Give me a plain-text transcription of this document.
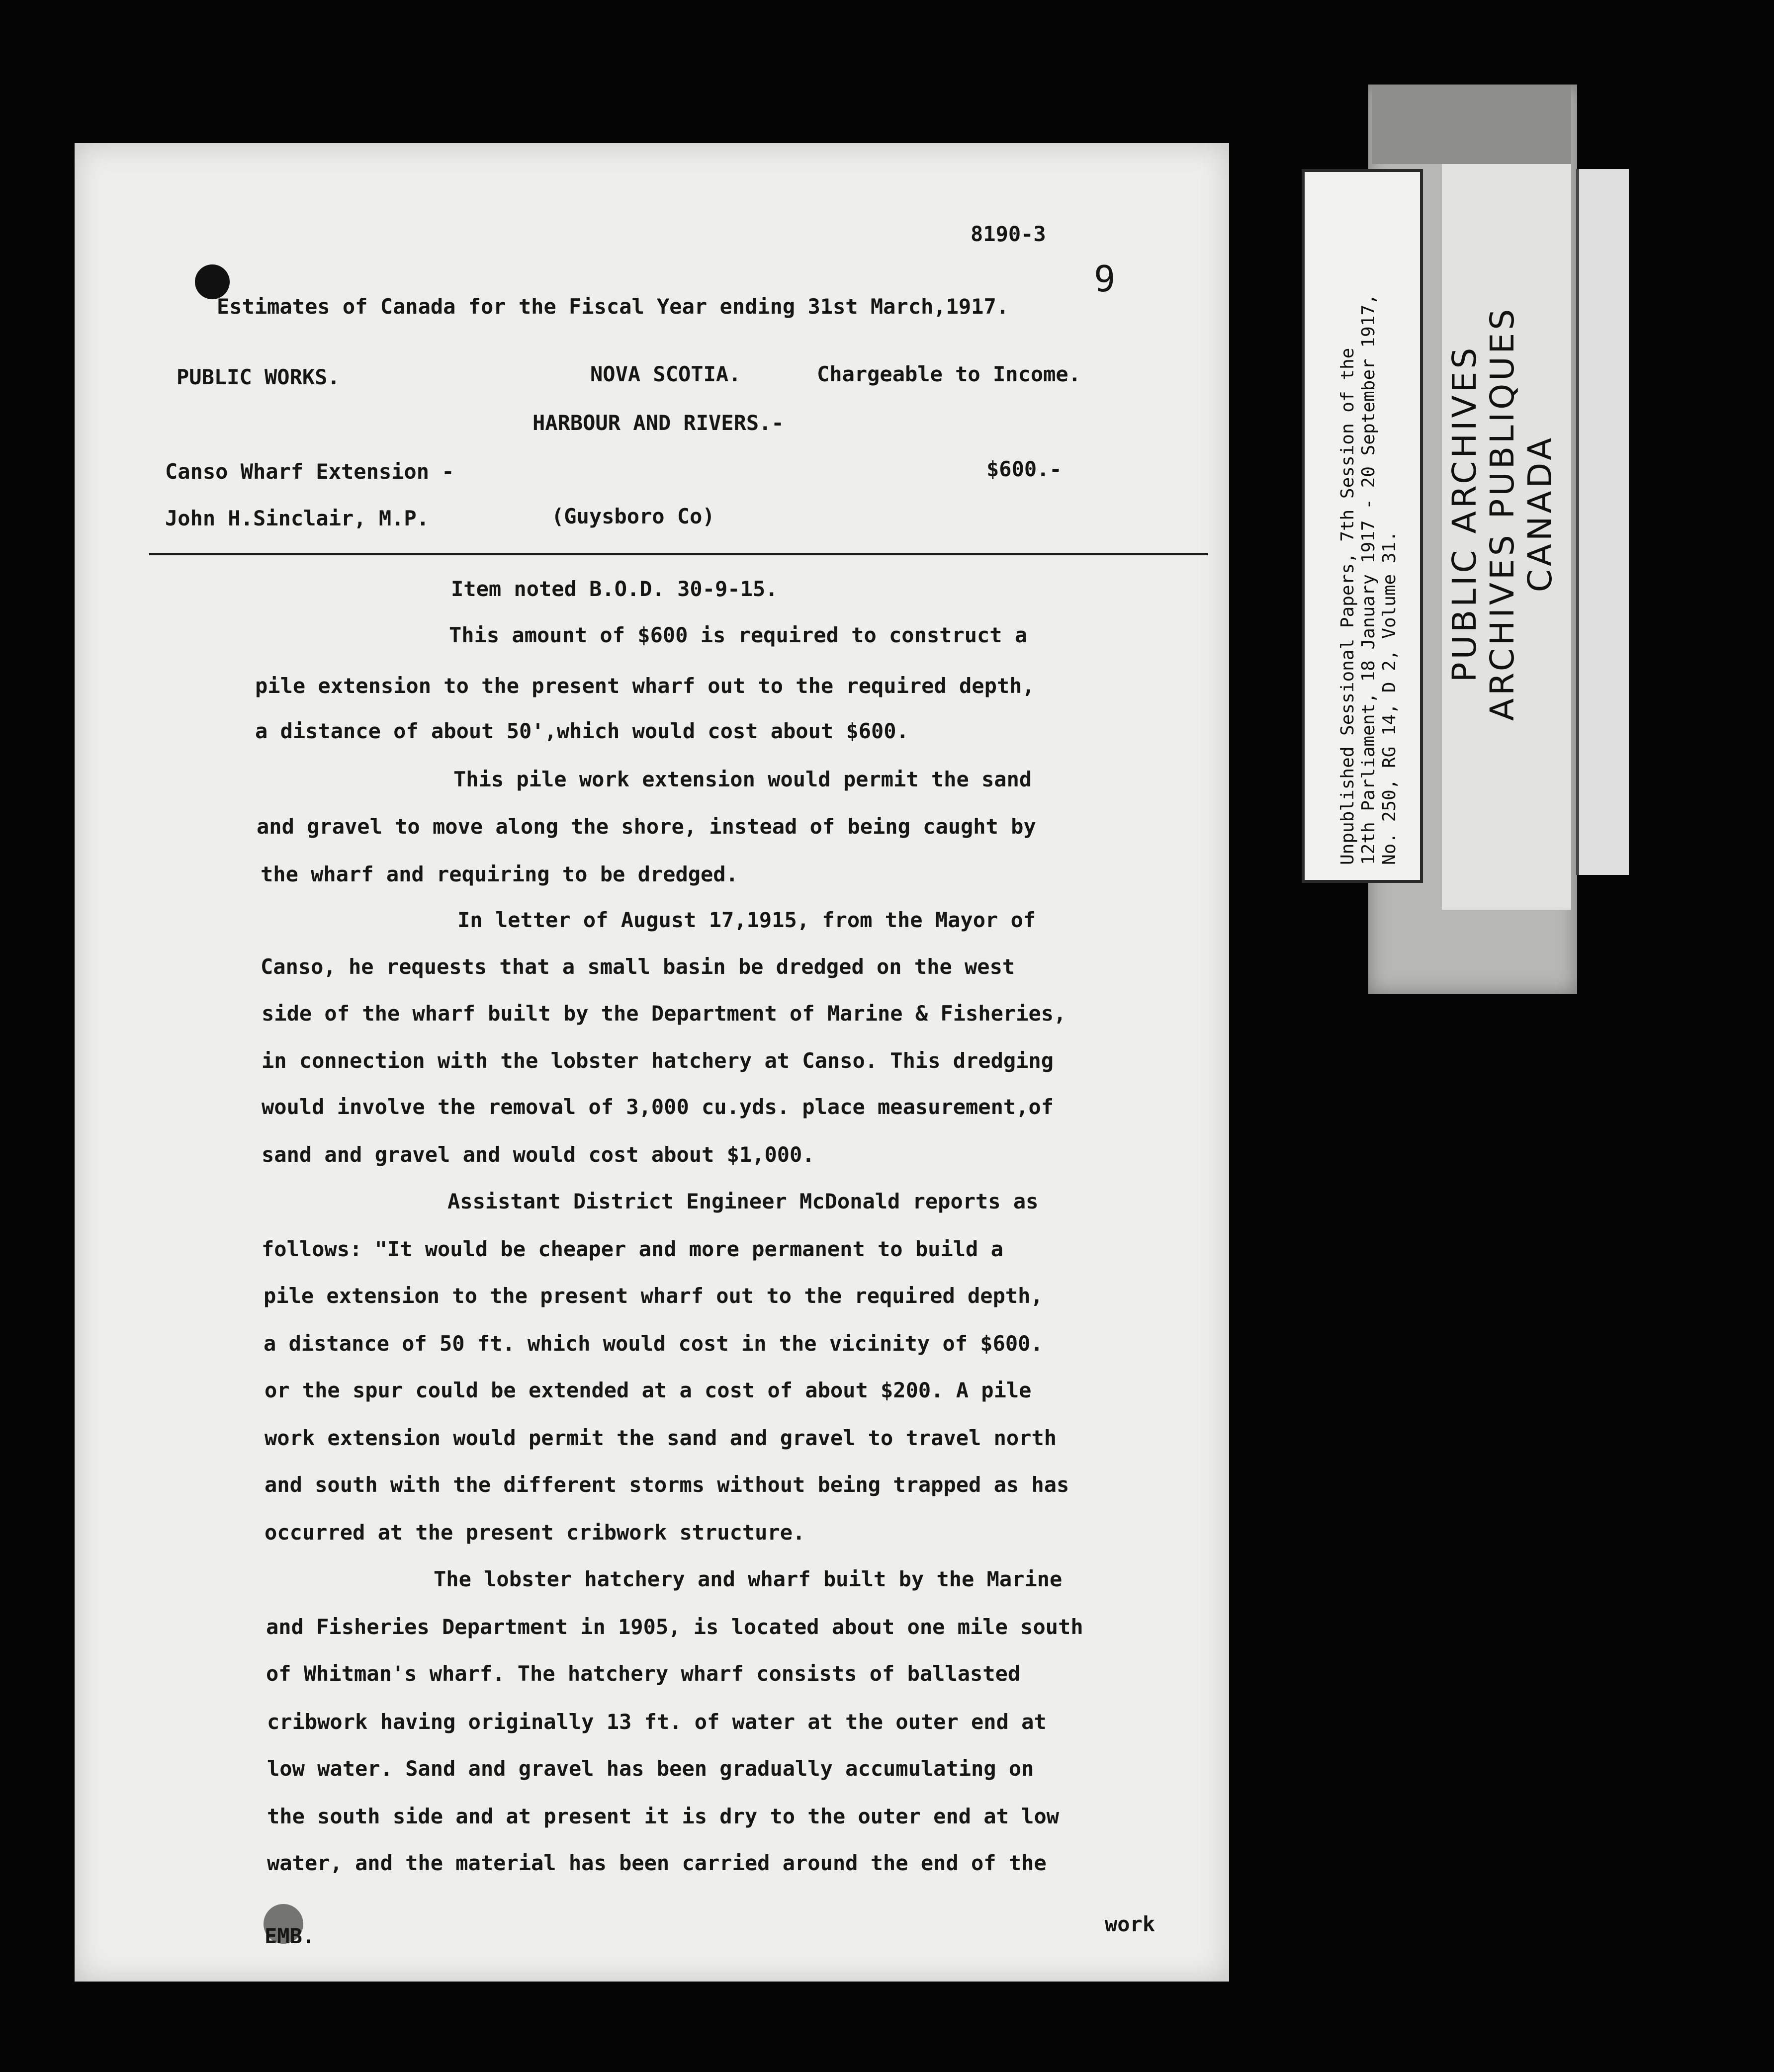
8190-3
9
Estimates of Canada for the Fiscal Year ending 31st March,1917.
PUBLIC WORKS.	NOVA SCOTIA.	Chargeable to Income.
HARBOUR AND RIVERS.-
Canso Wharf Extension -	$600.-
John H.Sinclair, M.P.	(Guysboro Co)
Item noted B.O.D. 30-9-15.
This amount of $600 is required to construct a
pile extension to the present wharf out to the required depth,
a distance of about 50',which would cost about $600.
This pile work extension would permit the sand
and gravel to move along the shore, instead of being caught by
the wharf and requiring to be dredged.
In letter of August 17,1915, from the Mayor of
Canso, he requests that a small basin be dredged on the west
side of the wharf built by the Department of Marine & Fisheries,
in connection with the lobster hatchery at Canso. This dredging
would involve the removal of 3,000 cu.yds. place measurement,of
sand and gravel and would cost about $1,000.
Assistant District Engineer McDonald reports as
follows: "It would be cheaper and more permanent to build a
pile extension to the present wharf out to the required depth,
a distance of 50 ft. which would cost in the vicinity of $600.
or the spur could be extended at a cost of about $200. A pile
work extension would permit the sand and gravel to travel north
and south with the different storms without being trapped as has
occurred at the present cribwork structure.
The lobster hatchery and wharf built by the Marine
and Fisheries Department in 1905, is located about one mile south
of Whitman's wharf. The hatchery wharf consists of ballasted
cribwork having originally 13 ft. of water at the outer end at
low water. Sand and gravel has been gradually accumulating on
the south side and at present it is dry to the outer end at low
water, and the material has been carried around the end of the
EMB.	work
Unpublished Sessional Papers, 7th Session of the 12th Parliament, 18 January 1917 - 20 September 1917, No. 250, RG 14, D 2, Volume 31.
PUBLIC ARCHIVES ARCHIVES PUBLIQUES CANADA
